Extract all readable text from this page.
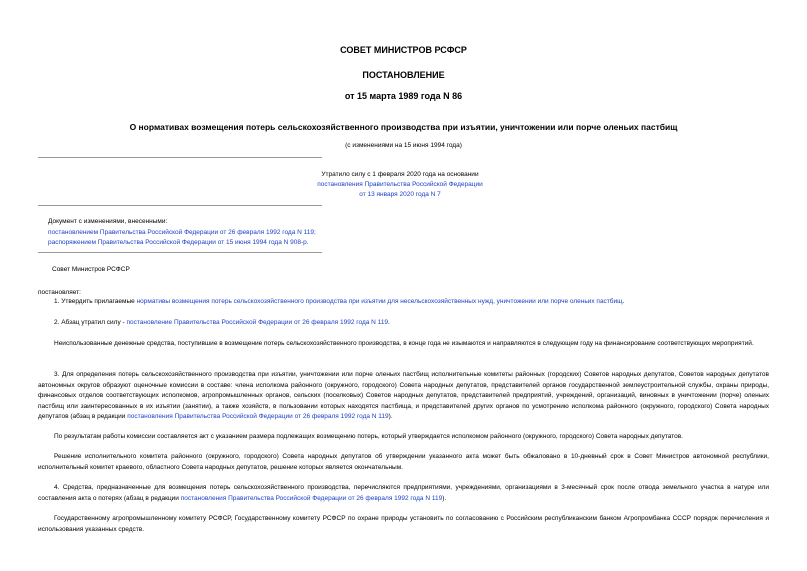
СОВЕТ МИНИСТРОВ РСФСР
ПОСТАНОВЛЕНИЕ
от 15 марта 1989 года N 86
О нормативах возмещения потерь сельскохозяйственного производства при изъятии, уничтожении или порче оленьих пастбищ
(с изменениями на 15 июня 1994 года)
Утратило силу с 1 февраля 2020 года на основании
постановления Правительства Российской Федерации
от 13 января 2020 года N 7
Документ с изменениями, внесенными:
постановлением Правительства Российской Федерации от 26 февраля 1992 года N 119;
распоряжением Правительства Российской Федерации от 15 июня 1994 года N 908-р.
Совет Министров РСФСР
постановляет:
1. Утвердить прилагаемые нормативы возмещения потерь сельскохозяйственного производства при изъятии для несельскохозяйственных нужд, уничтожении или порче оленьих пастбищ.
2. Абзац утратил силу - постановление Правительства Российской Федерации от 26 февраля 1992 года N 119.
Неиспользованные денежные средства, поступившие в возмещение потерь сельскохозяйственного производства, в конце года не изымаются и направляются в следующем году на финансирование соответствующих мероприятий.
3. Для определения потерь сельскохозяйственного производства при изъятии, уничтожении или порче оленьих пастбищ исполнительные комитеты районных (городских) Советов народных депутатов, Советов народных депутатов автономных округов образуют оценочные комиссии в составе: члена исполкома районного (окружного, городского) Совета народных депутатов, представителей органов государственной землеустроительной службы, охраны природы, финансовых отделов соответствующих исполкомов, агропромышленных органов, сельских (поселковых) Советов народных депутатов, представителей предприятий, учреждений, организаций, виновных в уничтожении (порче) оленьих пастбищ или заинтересованных в их изъятии (занятии), а также хозяйств, в пользовании которых находятся пастбища, и представителей других органов по усмотрению исполкома районного (окружного, городского) Совета народных депутатов (абзац в редакции постановления Правительства Российской Федерации от 26 февраля 1992 года N 119).
По результатам работы комиссии составляется акт с указанием размера подлежащих возмещению потерь, который утверждается исполкомом районного (окружного, городского) Совета народных депутатов.
Решение исполнительного комитета районного (окружного, городского) Совета народных депутатов об утверждении указанного акта может быть обжаловано в 10-дневный срок в Совет Министров автономной республики, исполнительный комитет краевого, областного Совета народных депутатов, решение которых является окончательным.
4. Средства, предназначенные для возмещения потерь сельскохозяйственного производства, перечисляются предприятиями, учреждениями, организациями в 3-месячный срок после отвода земельного участка в натуре или составления акта о потерях (абзац в редакции постановления Правительства Российской Федерации от 26 февраля 1992 года N 119).
Государственному агропромышленному комитету РСФСР, Государственному комитету РСФСР по охране природы установить по согласованию с Российским республиканским банком Агропромбанка СССР порядок перечисления и использования указанных средств.
